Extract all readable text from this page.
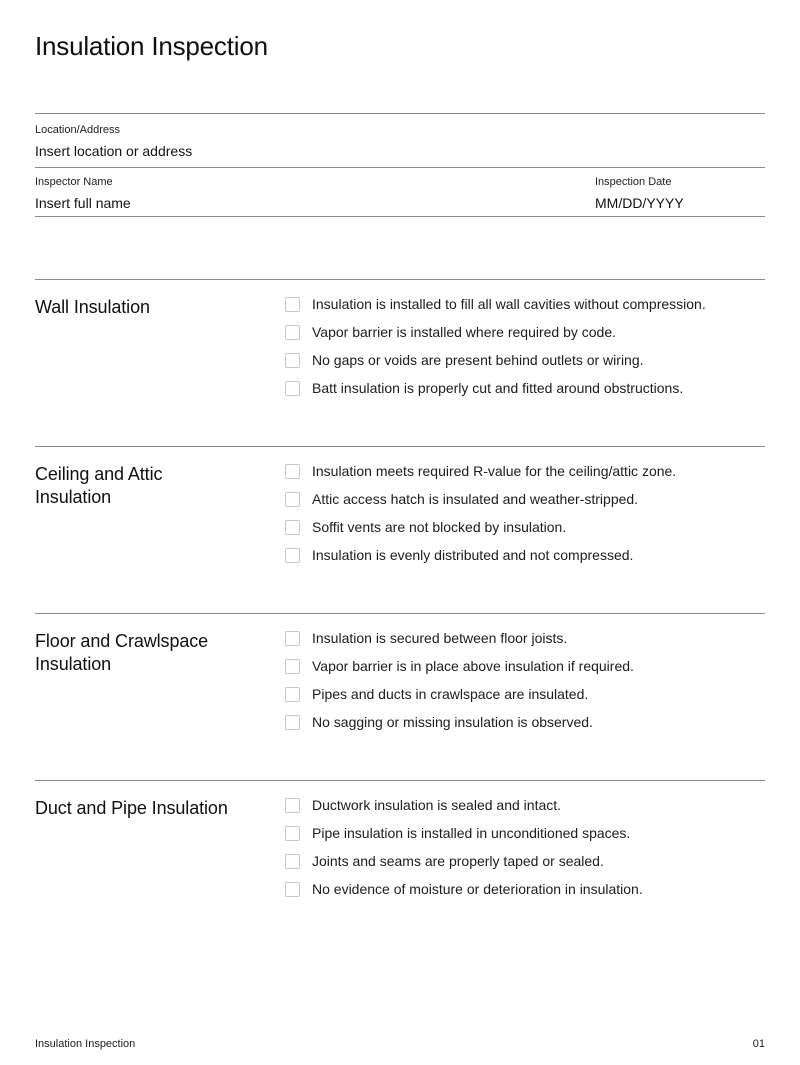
Insulation Inspection
Location/Address
Insert location or address
Inspector Name
Insert full name
Inspection Date
MM/DD/YYYY
Wall Insulation	Insulation is installed to fill all wall cavities without compression.
Vapor barrier is installed where required by code.
No gaps or voids are present behind outlets or wiring.
Batt insulation is properly cut and fitted around obstructions.
Ceiling and Attic Insulation
Insulation meets required R-value for the ceiling/attic zone.
Attic access hatch is insulated and weather-stripped.
Soffit vents are not blocked by insulation.
Insulation is evenly distributed and not compressed.
Floor and Crawlspace Insulation
Insulation is secured between floor joists.
Vapor barrier is in place above insulation if required.
Pipes and ducts in crawlspace are insulated.
No sagging or missing insulation is observed.
Duct and Pipe Insulation	Ductwork insulation is sealed and intact.
Pipe insulation is installed in unconditioned spaces.
Joints and seams are properly taped or sealed.
No evidence of moisture or deterioration in insulation.
Insulation Inspection	01
